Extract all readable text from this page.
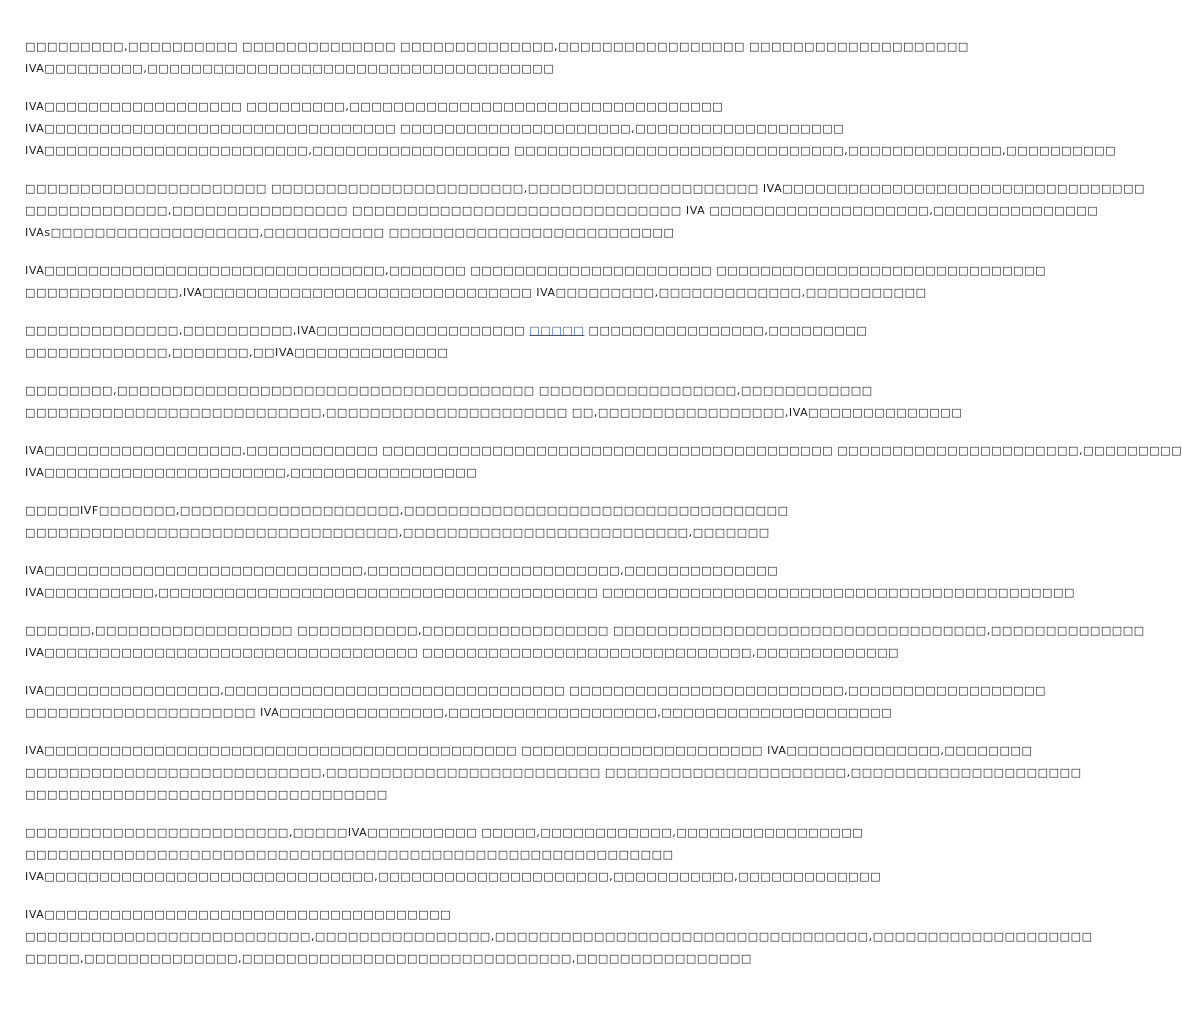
□□□□□□□□□,□□□□□□□□□□ □□□□□□□□□□□□□□ □□□□□□□□□□□□□□,□□□□□□□□□□□□□□□□□ □□□□□□□□□□□□□□□□□□□□
IVA□□□□□□□□□,□□□□□□□□□□□□□□□□□□□□□□□□□□□□□□□□□□□□□
IVA□□□□□□□□□□□□□□□□□□ □□□□□□□□□,□□□□□□□□□□□□□□□□□□□□□□□□□□□□□□□□□□
IVA□□□□□□□□□□□□□□□□□□□□□□□□□□□□□□□□ □□□□□□□□□□□□□□□□□□□□□,□□□□□□□□□□□□□□□□□□□
IVA□□□□□□□□□□□□□□□□□□□□□□□□,□□□□□□□□□□□□□□□□□□ □□□□□□□□□□□□□□□□□□□□□□□□□□□□□□,□□□□□□□□□□□□□□,□□□□□□□□□□
□□□□□□□□□□□□□□□□□□□□□□ □□□□□□□□□□□□□□□□□□□□□□□,□□□□□□□□□□□□□□□□□□□□□ IVA□□□□□□□□□□□□□□□□□□□□□□□□□□□□□□□□□
□□□□□□□□□□□□□,□□□□□□□□□□□□□□□□ □□□□□□□□□□□□□□□□□□□□□□□□□□□□□□ IVA □□□□□□□□□□□□□□□□□□□□,□□□□□□□□□□□□□□□
IVAs□□□□□□□□□□□□□□□□□□□,□□□□□□□□□□□ □□□□□□□□□□□□□□□□□□□□□□□□□□
IVA□□□□□□□□□□□□□□□□□□□□□□□□□□□□□□□,□□□□□□□ □□□□□□□□□□□□□□□□□□□□□□ □□□□□□□□□□□□□□□□□□□□□□□□□□□□□□
□□□□□□□□□□□□□□,IVA□□□□□□□□□□□□□□□□□□□□□□□□□□□□□□ IVA□□□□□□□□□,□□□□□□□□□□□□□,□□□□□□□□□□□
□□□□□□□□□□□□□□,□□□□□□□□□□,IVA□□□□□□□□□□□□□□□□□□□ □□□□□ □□□□□□□□□□□□□□□□,□□□□□□□□□
□□□□□□□□□□□□□,□□□□□□□,□□IVA□□□□□□□□□□□□□□
□□□□□□□□,□□□□□□□□□□□□□□□□□□□□□□□□□□□□□□□□□□□□□□ □□□□□□□□□□□□□□□□□□,□□□□□□□□□□□□
□□□□□□□□□□□□□□□□□□□□□□□□□□□,□□□□□□□□□□□□□□□□□□□□□□ □□,□□□□□□□□□□□□□□□□□,IVA□□□□□□□□□□□□□□
IVA□□□□□□□□□□□□□□□□□□,□□□□□□□□□□□□ □□□□□□□□□□□□□□□□□□□□□□□□□□□□□□□□□□□□□□□□□ □□□□□□□□□□□□□□□□□□□□□□,□□□□□□□□□
IVA□□□□□□□□□□□□□□□□□□□□□□,□□□□□□□□□□□□□□□□□
□□□□□IVF□□□□□□□,□□□□□□□□□□□□□□□□□□□□,□□□□□□□□□□□□□□□□□□□□□□□□□□□□□□□□□□□
□□□□□□□□□□□□□□□□□□□□□□□□□□□□□□□□□□,□□□□□□□□□□□□□□□□□□□□□□□□□□,□□□□□□□
IVA□□□□□□□□□□□□□□□□□□□□□□□□□□□□□,□□□□□□□□□□□□□□□□□□□□□□□,□□□□□□□□□□□□□□
IVA□□□□□□□□□□,□□□□□□□□□□□□□□□□□□□□□□□□□□□□□□□□□□□□□□□□ □□□□□□□□□□□□□□□□□□□□□□□□□□□□□□□□□□□□□□□□□□□
□□□□□□,□□□□□□□□□□□□□□□□□□ □□□□□□□□□□□,□□□□□□□□□□□□□□□□□ □□□□□□□□□□□□□□□□□□□□□□□□□□□□□□□□□□,□□□□□□□□□□□□□□
IVA□□□□□□□□□□□□□□□□□□□□□□□□□□□□□□□□□□ □□□□□□□□□□□□□□□□□□□□□□□□□□□□□□,□□□□□□□□□□□□□
IVA□□□□□□□□□□□□□□□□,□□□□□□□□□□□□□□□□□□□□□□□□□□□□□□□ □□□□□□□□□□□□□□□□□□□□□□□□□,□□□□□□□□□□□□□□□□□□
□□□□□□□□□□□□□□□□□□□□□ IVA□□□□□□□□□□□□□□□,□□□□□□□□□□□□□□□□□□□,□□□□□□□□□□□□□□□□□□□□□
IVA□□□□□□□□□□□□□□□□□□□□□□□□□□□□□□□□□□□□□□□□□□□ □□□□□□□□□□□□□□□□□□□□□□ IVA□□□□□□□□□□□□□□,□□□□□□□□
□□□□□□□□□□□□□□□□□□□□□□□□□□□,□□□□□□□□□□□□□□□□□□□□□□□□□ □□□□□□□□□□□□□□□□□□□□□□,□□□□□□□□□□□□□□□□□□□□□
□□□□□□□□□□□□□□□□□□□□□□□□□□□□□□□□□
□□□□□□□□□□□□□□□□□□□□□□□□,□□□□□IVA□□□□□□□□□□ □□□□□,□□□□□□□□□□□□,□□□□□□□□□□□□□□□□□
□□□□□□□□□□□□□□□□□□□□□□□□□□□□□□□□□□□□□□□□□□□□□□□□□□□□□□□□□□□
IVA□□□□□□□□□□□□□□□□□□□□□□□□□□□□□□,□□□□□□□□□□□□□□□□□□□□□,□□□□□□□□□□□,□□□□□□□□□□□□□
IVA□□□□□□□□□□□□□□□□□□□□□□□□□□□□□□□□□□□□□
□□□□□□□□□□□□□□□□□□□□□□□□□□,□□□□□□□□□□□□□□□□,□□□□□□□□□□□□□□□□□□□□□□□□□□□□□□□□□□,□□□□□□□□□□□□□□□□□□□□
□□□□□,□□□□□□□□□□□□□□,□□□□□□□□□□□□□□□□□□□□□□□□□□□□□□,□□□□□□□□□□□□□□□□
